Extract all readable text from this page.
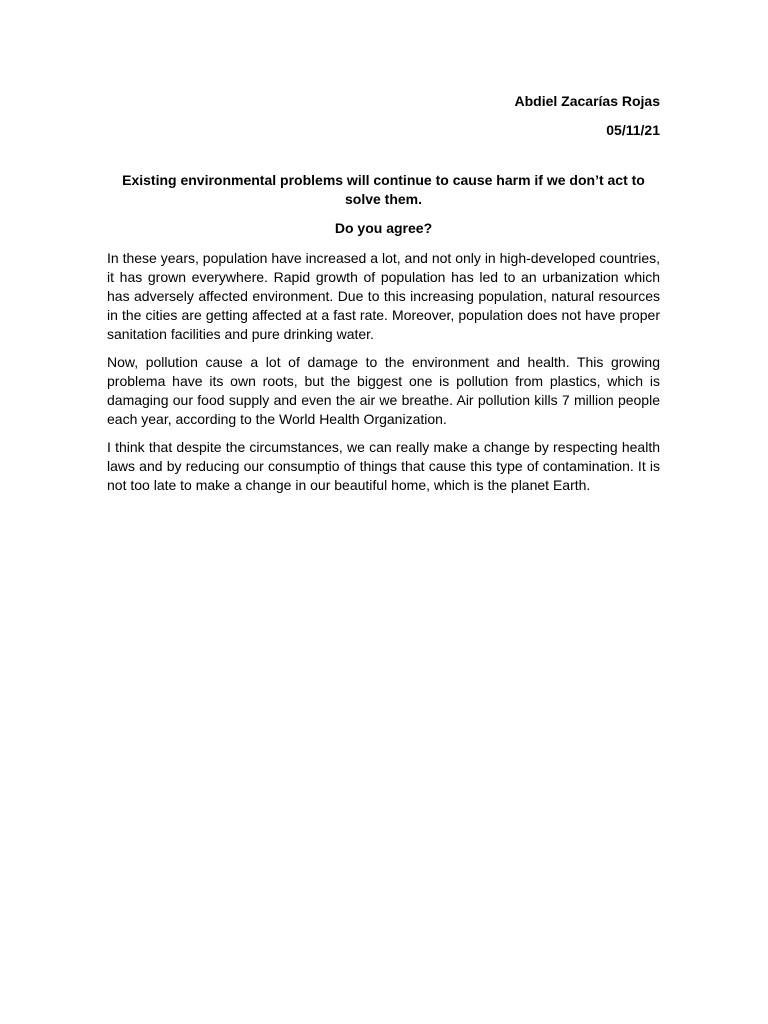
Abdiel Zacarías Rojas

05/11/21

Existing environmental problems will continue to cause harm if we don’t act to solve them.

Do you agree?

In these years, population have increased a lot, and not only in high-developed countries, it has grown everywhere. Rapid growth of population has led to an urbanization which has adversely affected environment. Due to this increasing population, natural resources in the cities are getting affected at a fast rate. Moreover, population does not have proper sanitation facilities and pure drinking water.

Now, pollution cause a lot of damage to the environment and health. This growing problema have its own roots, but the biggest one is pollution from plastics, which is damaging our food supply and even the air we breathe. Air pollution kills 7 million people each year, according to the World Health Organization.

I think that despite the circumstances, we can really make a change by respecting health laws and by reducing our consumptio of things that cause this type of contamination. It is not too late to make a change in our beautiful home, which is the planet Earth.
